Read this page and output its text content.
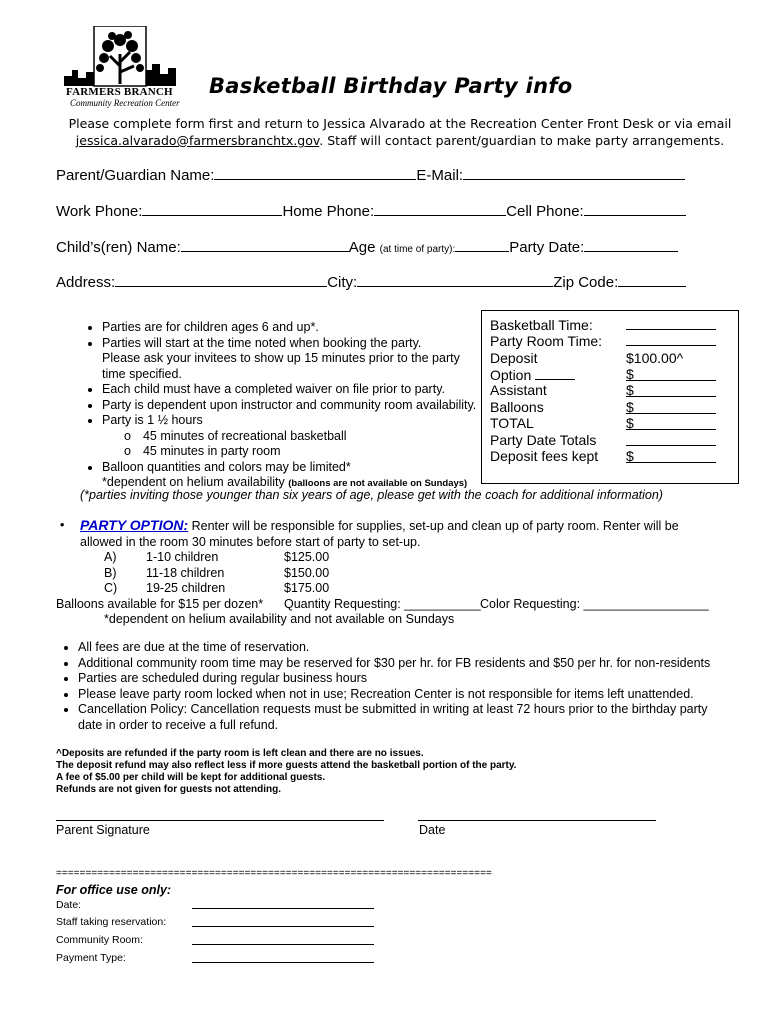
FARMERS BRANCH
Community Recreation Center
Basketball Birthday Party info
Please complete form first and return to Jessica Alvarado at the Recreation Center Front Desk or via email
jessica.alvarado@farmersbranchtx.gov. Staff will contact parent/guardian to make party arrangements.
Parent/Guardian Name:	E-Mail:
Work Phone:	Home Phone:	Cell Phone:
Child’s(ren) Name:	Age (at time of party):	Party Date:
Address:	City:	Zip Code:
• Parties are for children ages 6 and up*.
• Parties will start at the time noted when booking the party.
Please ask your invitees to show up 15 minutes prior to the party
time specified.
• Each child must have a completed waiver on file prior to party.
• Party is dependent upon instructor and community room availability.
• Party is 1 ½ hours
o 45 minutes of recreational basketball
o 45 minutes in party room
• Balloon quantities and colors may be limited*
*dependent on helium availability (balloons are not available on Sundays)
(*parties inviting those younger than six years of age, please get with the coach for additional information)
Basketball Time:
Party Room Time:
Deposit	$100.00^
Option	$
Assistant	$
Balloons	$
TOTAL	$
Party Date Totals
Deposit fees kept $
• PARTY OPTION: Renter will be responsible for supplies, set-up and clean up of party room. Renter will be
allowed in the room 30 minutes before start of party to set-up.
A) 1-10 children	$125.00
B) 11-18 children	$150.00
C) 19-25 children	$175.00
Balloons available for $15 per dozen* Quantity Requesting: ___________ Color Requesting: __________________
*dependent on helium availability and not available on Sundays
• All fees are due at the time of reservation.
• Additional community room time may be reserved for $30 per hr. for FB residents and $50 per hr. for non-residents
• Parties are scheduled during regular business hours
• Please leave party room locked when not in use; Recreation Center is not responsible for items left unattended.
• Cancellation Policy: Cancellation requests must be submitted in writing at least 72 hours prior to the birthday party
date in order to receive a full refund.
^Deposits are refunded if the party room is left clean and there are no issues.
The deposit refund may also reflect less if more guests attend the basketball portion of the party.
A fee of $5.00 per child will be kept for additional guests.
Refunds are not given for guests not attending.
Parent Signature	Date
==========================================================================
For office use only:
Date:
Staff taking reservation:
Community Room:
Payment Type:
